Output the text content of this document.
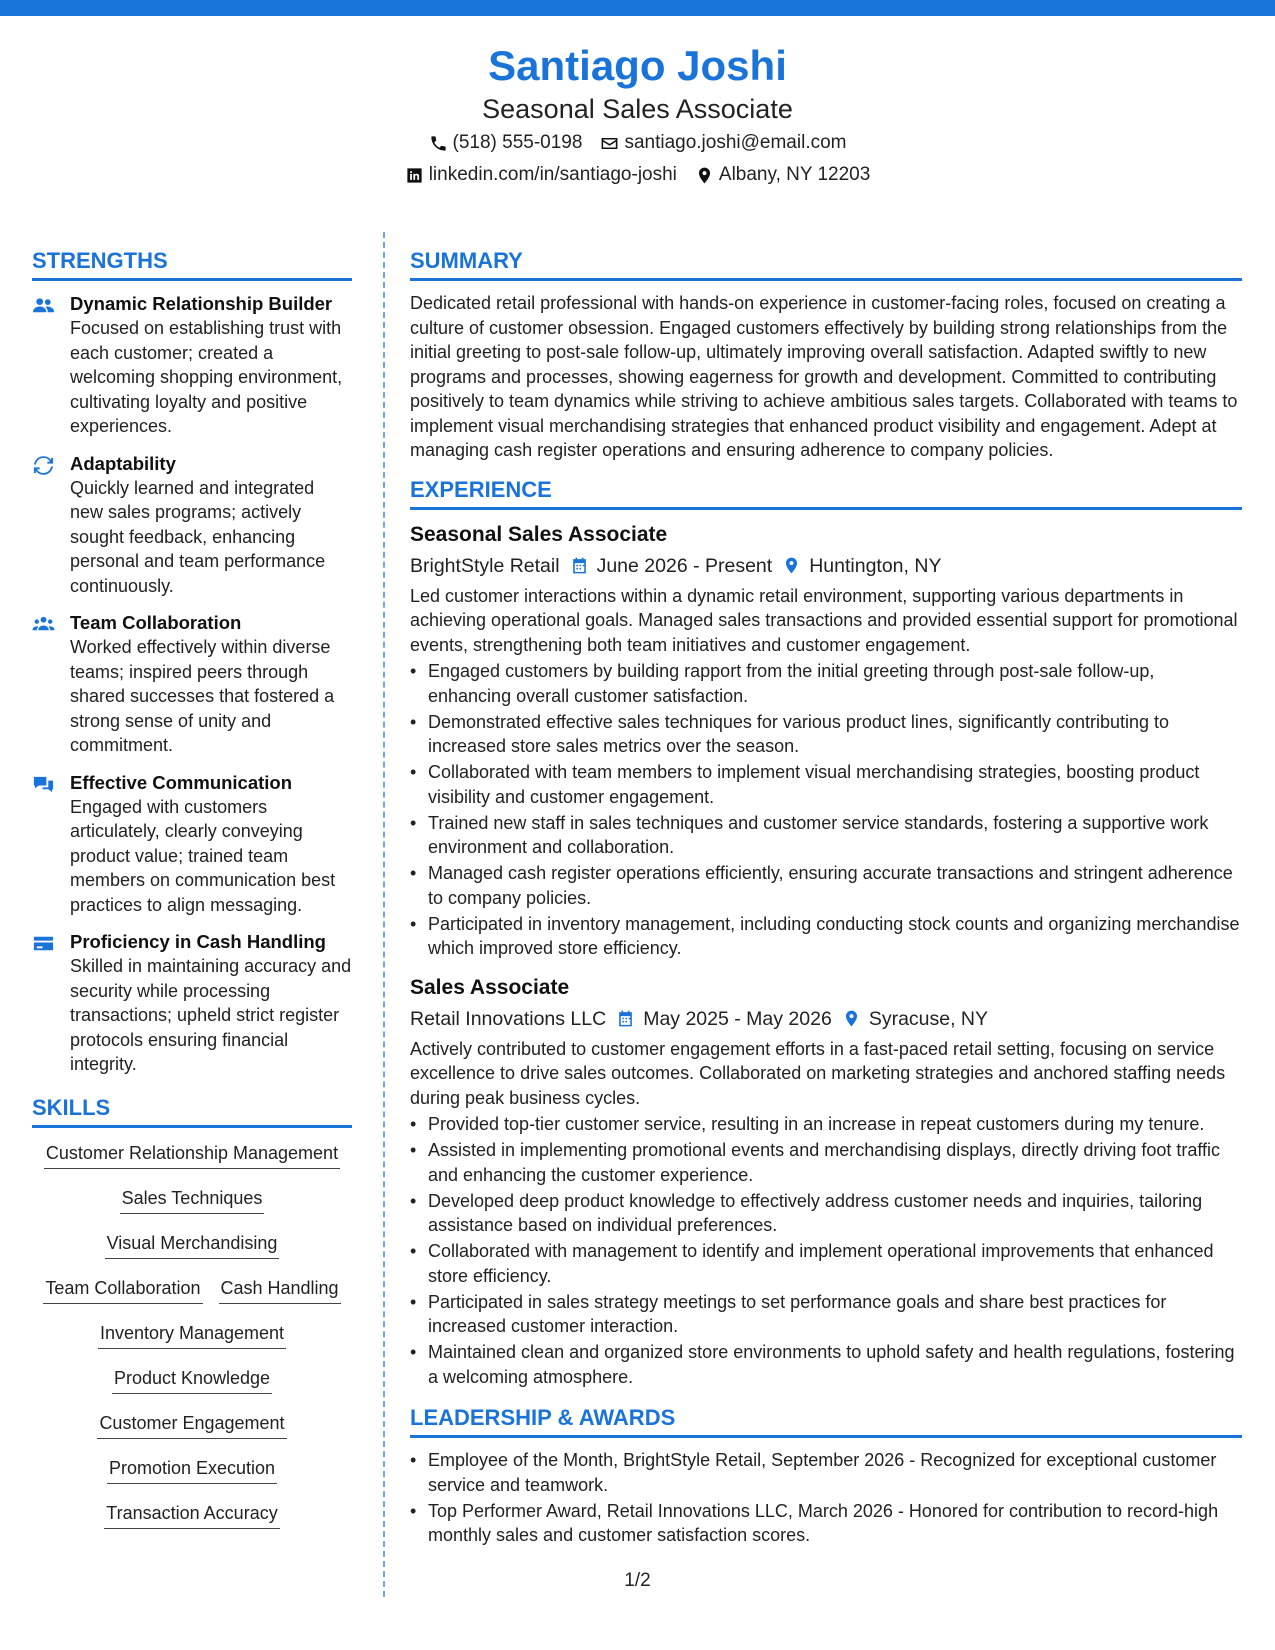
Santiago Joshi
Seasonal Sales Associate
(518) 555-0198 santiago.joshi@email.com
linkedin.com/in/santiago-joshi Albany, NY 12203
STRENGTHS
Dynamic Relationship Builder
Focused on establishing trust with each customer; created a welcoming shopping environment, cultivating loyalty and positive experiences.
Adaptability
Quickly learned and integrated new sales programs; actively sought feedback, enhancing personal and team performance continuously.
Team Collaboration
Worked effectively within diverse teams; inspired peers through shared successes that fostered a strong sense of unity and commitment.
Effective Communication
Engaged with customers articulately, clearly conveying product value; trained team members on communication best practices to align messaging.
Proficiency in Cash Handling
Skilled in maintaining accuracy and security while processing transactions; upheld strict register protocols ensuring financial integrity.
SKILLS
Customer Relationship Management
Sales Techniques
Visual Merchandising
Team Collaboration Cash Handling
Inventory Management
Product Knowledge
Customer Engagement
Promotion Execution
Transaction Accuracy
SUMMARY
Dedicated retail professional with hands-on experience in customer-facing roles, focused on creating a culture of customer obsession. Engaged customers effectively by building strong relationships from the initial greeting to post-sale follow-up, ultimately improving overall satisfaction. Adapted swiftly to new programs and processes, showing eagerness for growth and development. Committed to contributing positively to team dynamics while striving to achieve ambitious sales targets. Collaborated with teams to implement visual merchandising strategies that enhanced product visibility and engagement. Adept at managing cash register operations and ensuring adherence to company policies.
EXPERIENCE
Seasonal Sales Associate
BrightStyle Retail June 2026 - Present Huntington, NY
Led customer interactions within a dynamic retail environment, supporting various departments in achieving operational goals. Managed sales transactions and provided essential support for promotional events, strengthening both team initiatives and customer engagement.
• Engaged customers by building rapport from the initial greeting through post-sale follow-up, enhancing overall customer satisfaction.
• Demonstrated effective sales techniques for various product lines, significantly contributing to increased store sales metrics over the season.
• Collaborated with team members to implement visual merchandising strategies, boosting product visibility and customer engagement.
• Trained new staff in sales techniques and customer service standards, fostering a supportive work environment and collaboration.
• Managed cash register operations efficiently, ensuring accurate transactions and stringent adherence to company policies.
• Participated in inventory management, including conducting stock counts and organizing merchandise which improved store efficiency.
Sales Associate
Retail Innovations LLC May 2025 - May 2026 Syracuse, NY
Actively contributed to customer engagement efforts in a fast-paced retail setting, focusing on service excellence to drive sales outcomes. Collaborated on marketing strategies and anchored staffing needs during peak business cycles.
• Provided top-tier customer service, resulting in an increase in repeat customers during my tenure.
• Assisted in implementing promotional events and merchandising displays, directly driving foot traffic and enhancing the customer experience.
• Developed deep product knowledge to effectively address customer needs and inquiries, tailoring assistance based on individual preferences.
• Collaborated with management to identify and implement operational improvements that enhanced store efficiency.
• Participated in sales strategy meetings to set performance goals and share best practices for increased customer interaction.
• Maintained clean and organized store environments to uphold safety and health regulations, fostering a welcoming atmosphere.
LEADERSHIP & AWARDS
• Employee of the Month, BrightStyle Retail, September 2026 - Recognized for exceptional customer service and teamwork.
• Top Performer Award, Retail Innovations LLC, March 2026 - Honored for contribution to record-high monthly sales and customer satisfaction scores.
1/2
